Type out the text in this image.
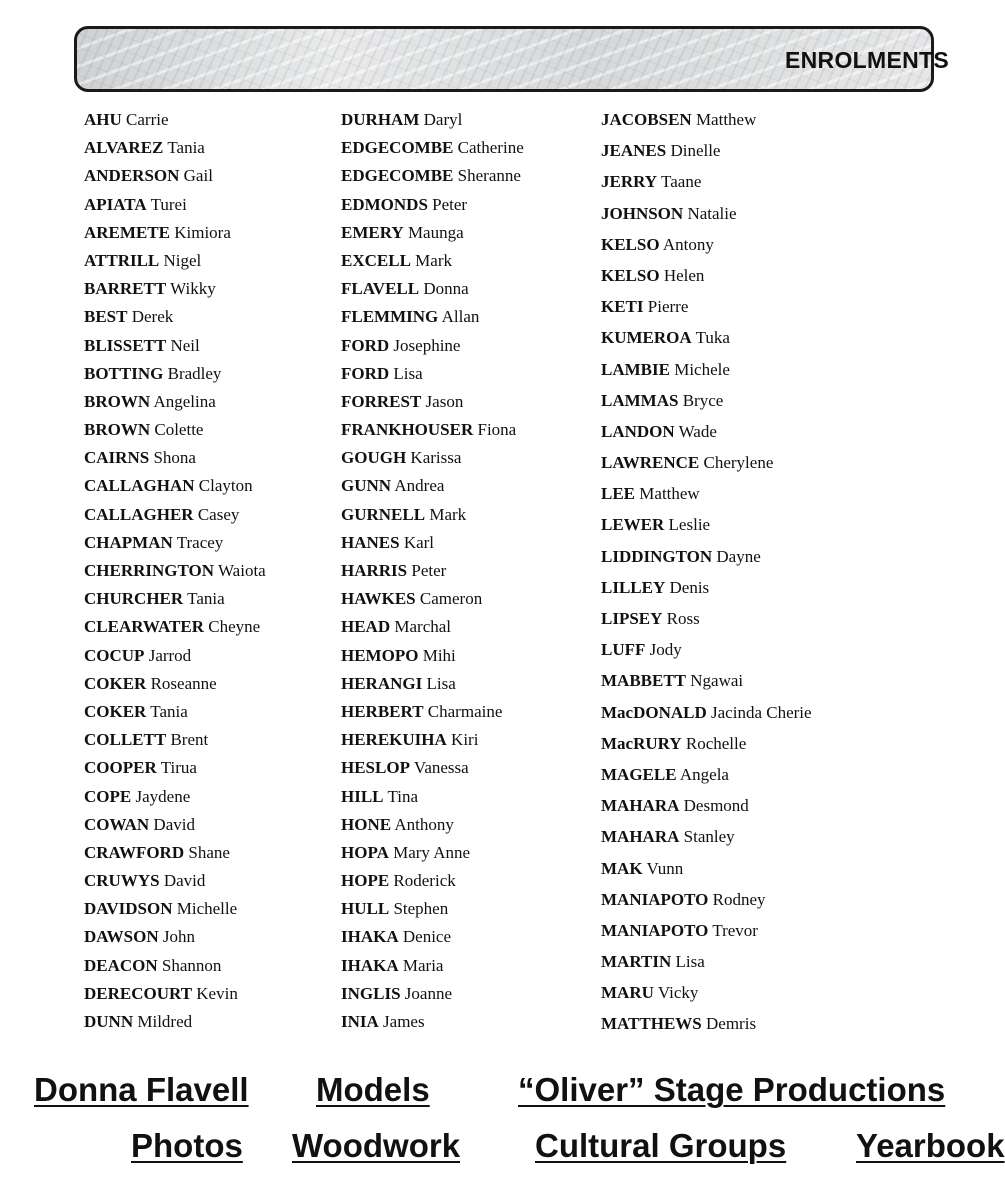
ENROLMENTS
AHU Carrie
ALVAREZ Tania
ANDERSON Gail
APIATA Turei
AREMETE Kimiora
ATTRILL Nigel
BARRETT Wikky
BEST Derek
BLISSETT Neil
BOTTING Bradley
BROWN Angelina
BROWN Colette
CAIRNS Shona
CALLAGHAN Clayton
CALLAGHER Casey
CHAPMAN Tracey
CHERRINGTON Waiota
CHURCHER Tania
CLEARWATER Cheyne
COCUP Jarrod
COKER Roseanne
COKER Tania
COLLETT Brent
COOPER Tirua
COPE Jaydene
COWAN David
CRAWFORD Shane
CRUWYS David
DAVIDSON Michelle
DAWSON John
DEACON Shannon
DERECOURT Kevin
DUNN Mildred
DURHAM Daryl
EDGECOMBE Catherine
EDGECOMBE Sheranne
EDMONDS Peter
EMERY Maunga
EXCELL Mark
FLAVELL Donna
FLEMMING Allan
FORD Josephine
FORD Lisa
FORREST Jason
FRANKHOUSER Fiona
GOUGH Karissa
GUNN Andrea
GURNELL Mark
HANES Karl
HARRIS Peter
HAWKES Cameron
HEAD Marchal
HEMOPO Mihi
HERANGI Lisa
HERBERT Charmaine
HEREKUIHA Kiri
HESLOP Vanessa
HILL Tina
HONE Anthony
HOPA Mary Anne
HOPE Roderick
HULL Stephen
IHAKA Denice
IHAKA Maria
INGLIS Joanne
INIA James
JACOBSEN Matthew
JEANES Dinelle
JERRY Taane
JOHNSON Natalie
KELSO Antony
KELSO Helen
KETI Pierre
KUMEROA Tuka
LAMBIE Michele
LAMMAS Bryce
LANDON Wade
LAWRENCE Cherylene
LEE Matthew
LEWER Leslie
LIDDINGTON Dayne
LILLEY Denis
LIPSEY Ross
LUFF Jody
MABBETT Ngawai
MacDONALD Jacinda Cherie
MacRURY Rochelle
MAGELE Angela
MAHARA Desmond
MAHARA Stanley
MAK Vunn
MANIAPOTO Rodney
MANIAPOTO Trevor
MARTIN Lisa
MARU Vicky
MATTHEWS Demris
Donna Flavell Models	“Oliver” Stage Productions
Photos Woodwork Cultural Groups Yearbook
